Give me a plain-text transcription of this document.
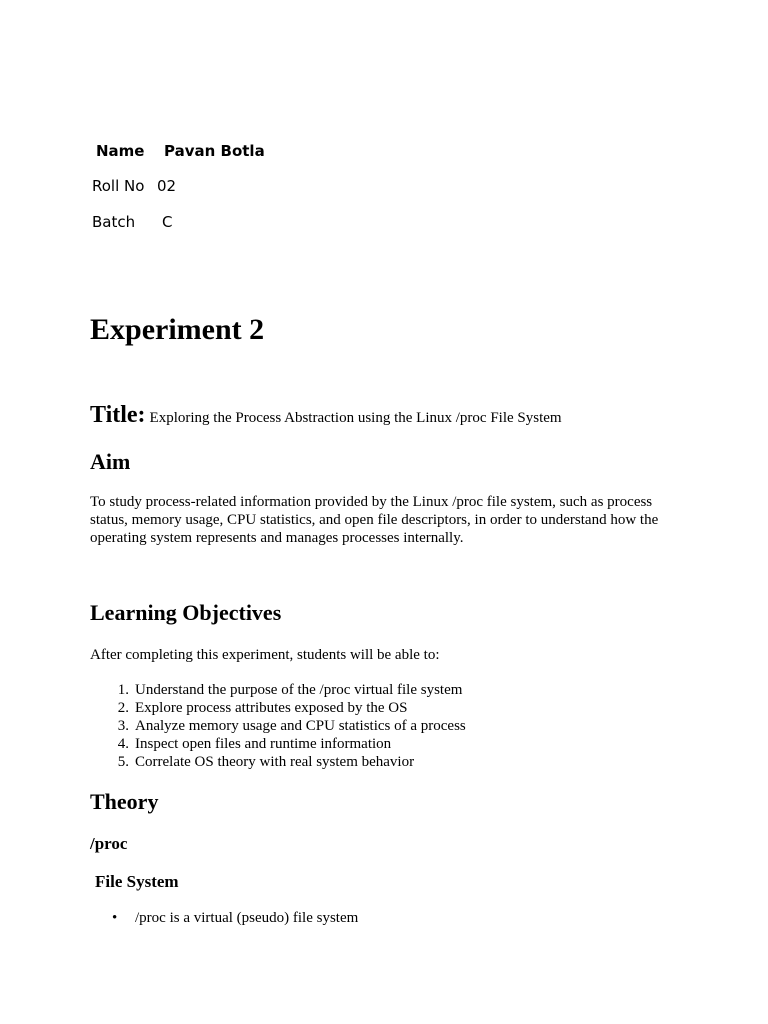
Name Pavan Botla
Roll No 02
Batch C
Experiment 2
Title: Exploring the Process Abstraction using the Linux /proc File System
Aim
To study process-related information provided by the Linux /proc file system, such as process status, memory usage, CPU statistics, and open file descriptors, in order to understand how the operating system represents and manages processes internally.
Learning Objectives
After completing this experiment, students will be able to:
1. Understand the purpose of the /proc virtual file system
2. Explore process attributes exposed by the OS
3. Analyze memory usage and CPU statistics of a process
4. Inspect open files and runtime information
5. Correlate OS theory with real system behavior
Theory
/proc
File System
• /proc is a virtual (pseudo) file system
